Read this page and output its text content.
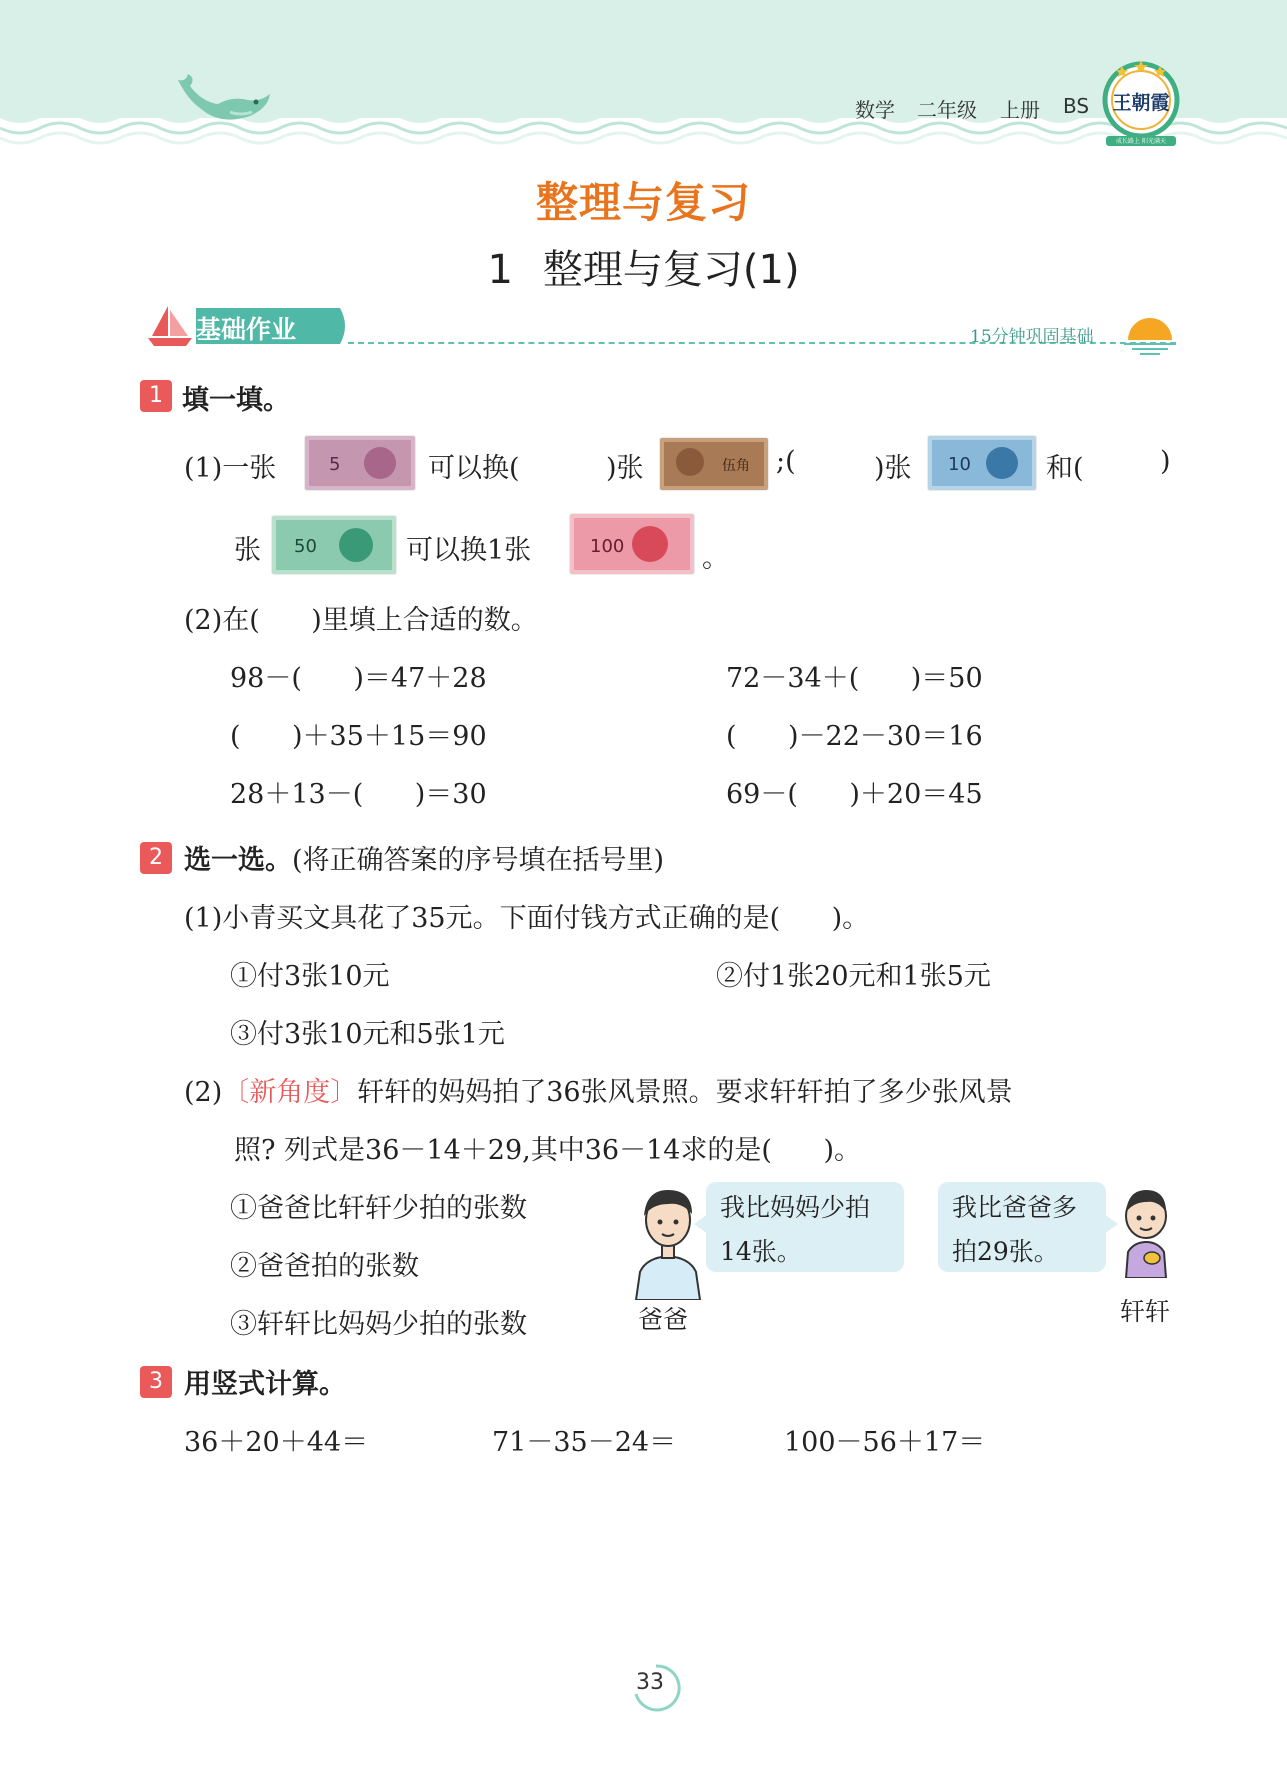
数学 二年级 上册 BS 王朝霞
成长路上 阳光满天
整理与复习
1 整理与复习(1)
基础作业	15分钟巩固基础
1 填一填。
(1)一张	5	可以换(	)张	伍角 ;(	)张 10	和(	)
张 50	可以换1张	100	。
(2)在(      )里填上合适的数。
98－(      )＝47＋28	72－34＋(      )＝50
(      )＋35＋15＝90	(      )－22－30＝16
28＋13－(      )＝30	69－(      )＋20＝45
2 选一选。(将正确答案的序号填在括号里)
(1)小青买文具花了35元。下面付钱方式正确的是(      )。
①付3张10元	②付1张20元和1张5元
③付3张10元和5张1元
(2)〔新角度〕轩轩的妈妈拍了36张风景照。要求轩轩拍了多少张风景
照? 列式是36－14＋29,其中36－14求的是(      )。
①爸爸比轩轩少拍的张数
②爸爸拍的张数
③轩轩比妈妈少拍的张数	爸爸
我比妈妈少拍
14张。
我比爸爸多
拍29张。
轩轩
3 用竖式计算。
36＋20＋44＝	71－35－24＝	100－56＋17＝
33
